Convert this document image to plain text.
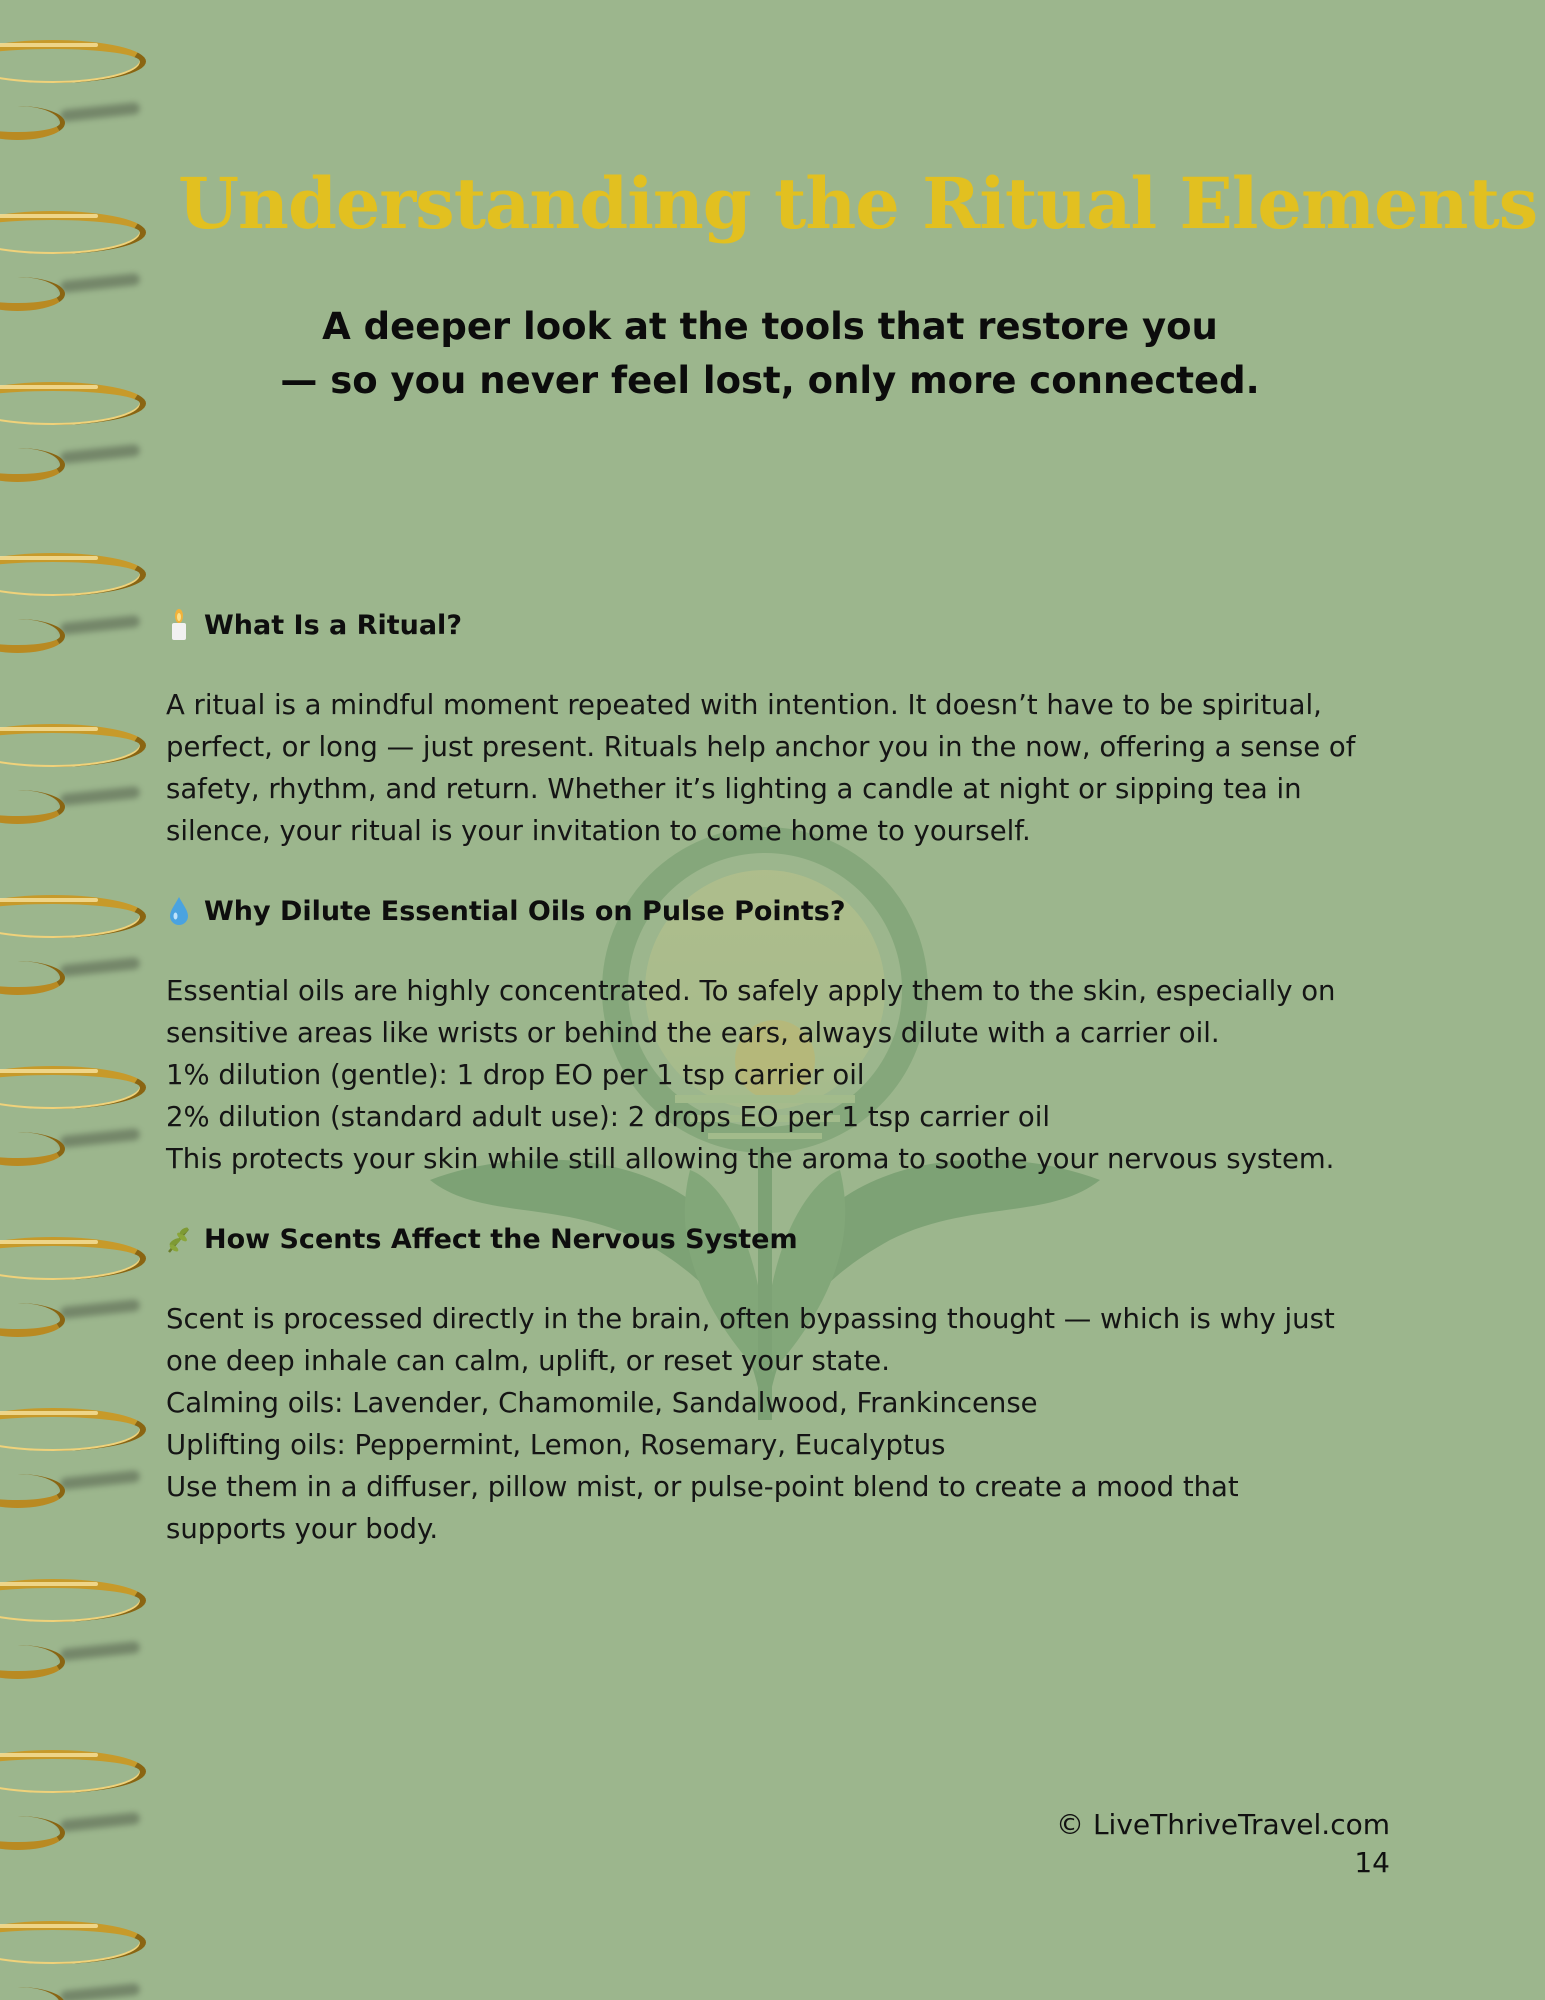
Understanding the Ritual Elements
A deeper look at the tools that restore you
— so you never feel lost, only more connected.
What Is a Ritual?
A ritual is a mindful moment repeated with intention. It doesn’t have to be spiritual,
perfect, or long — just present. Rituals help anchor you in the now, offering a sense of
safety, rhythm, and return. Whether it’s lighting a candle at night or sipping tea in
silence, your ritual is your invitation to come home to yourself.
Why Dilute Essential Oils on Pulse Points?
Essential oils are highly concentrated. To safely apply them to the skin, especially on
sensitive areas like wrists or behind the ears, always dilute with a carrier oil.
1% dilution (gentle): 1 drop EO per 1 tsp carrier oil
2% dilution (standard adult use): 2 drops EO per 1 tsp carrier oil
This protects your skin while still allowing the aroma to soothe your nervous system.
How Scents Affect the Nervous System
Scent is processed directly in the brain, often bypassing thought — which is why just
one deep inhale can calm, uplift, or reset your state.
Calming oils: Lavender, Chamomile, Sandalwood, Frankincense
Uplifting oils: Peppermint, Lemon, Rosemary, Eucalyptus
Use them in a diffuser, pillow mist, or pulse-point blend to create a mood that
supports your body.
© LiveThriveTravel.com
14
